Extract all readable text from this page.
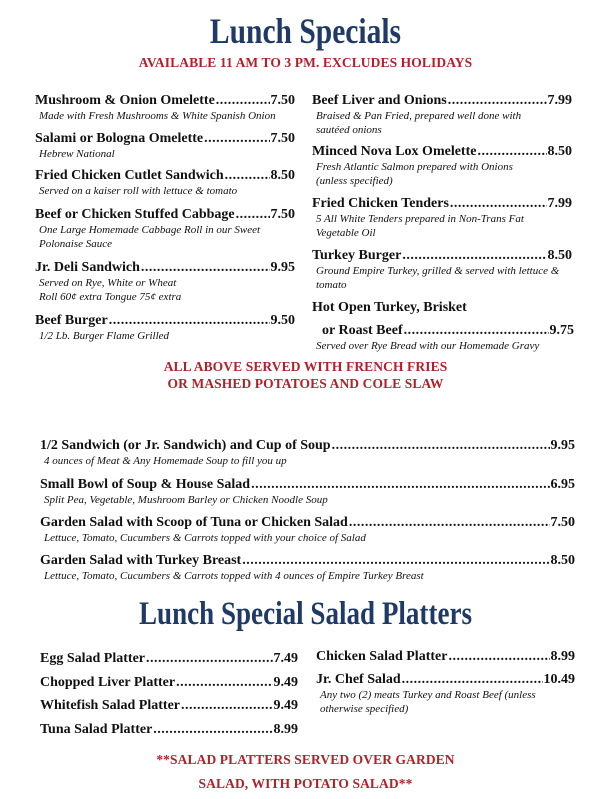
Lunch Specials

AVAILABLE 11 AM TO 3 PM. EXCLUDES HOLIDAYS

Mushroom & Onion Omelette .....	7.50
Made with Fresh Mushrooms & White Spanish Onion
Salami or Bologna Omelette .....	7.50
Hebrew National
Fried Chicken Cutlet Sandwich .....	8.50
Served on a kaiser roll with lettuce & tomato
Beef or Chicken Stuffed Cabbage .....	7.50
One Large Homemade Cabbage Roll in our Sweet Polonaise Sauce
Jr. Deli Sandwich .....	9.95
Served on Rye, White or Wheat
Roll 60¢ extra Tongue 75¢ extra
Beef Burger .....	9.50
1/2 Lb. Burger Flame Grilled
Beef Liver and Onions .....	7.99
Braised & Pan Fried, prepared well done with sautéed onions
Minced Nova Lox Omelette .....	8.50
Fresh Atlantic Salmon prepared with Onions (unless specified)
Fried Chicken Tenders .....	7.99
5 All White Tenders prepared in Non-Trans Fat Vegetable Oil
Turkey Burger .....	8.50
Ground Empire Turkey, grilled & served with lettuce & tomato
Hot Open Turkey, Brisket
or Roast Beef .....	9.75
Served over Rye Bread with our Homemade Gravy

ALL ABOVE SERVED WITH FRENCH FRIES

OR MASHED POTATOES AND COLE SLAW

1/2 Sandwich (or Jr. Sandwich) and Cup of Soup .....	9.95
4 ounces of Meat & Any Homemade Soup to fill you up
Small Bowl of Soup & House Salad .....	6.95
Split Pea, Vegetable, Mushroom Barley or Chicken Noodle Soup
Garden Salad with Scoop of Tuna or Chicken Salad .....	7.50
Lettuce, Tomato, Cucumbers & Carrots topped with your choice of Salad
Garden Salad with Turkey Breast .....	8.50
Lettuce, Tomato, Cucumbers & Carrots topped with 4 ounces of Empire Turkey Breast
Lunch Special Salad Platters
Egg Salad Platter .....	7.49
Chopped Liver Platter .....	9.49
Whitefish Salad Platter .....	9.49
Tuna Salad Platter .....	8.99
Chicken Salad Platter .....	8.99
Jr. Chef Salad .....	10.49
Any two (2) meats Turkey and Roast Beef (unless otherwise specified)

**SALAD PLATTERS SERVED OVER GARDEN

SALAD, WITH POTATO SALAD**
